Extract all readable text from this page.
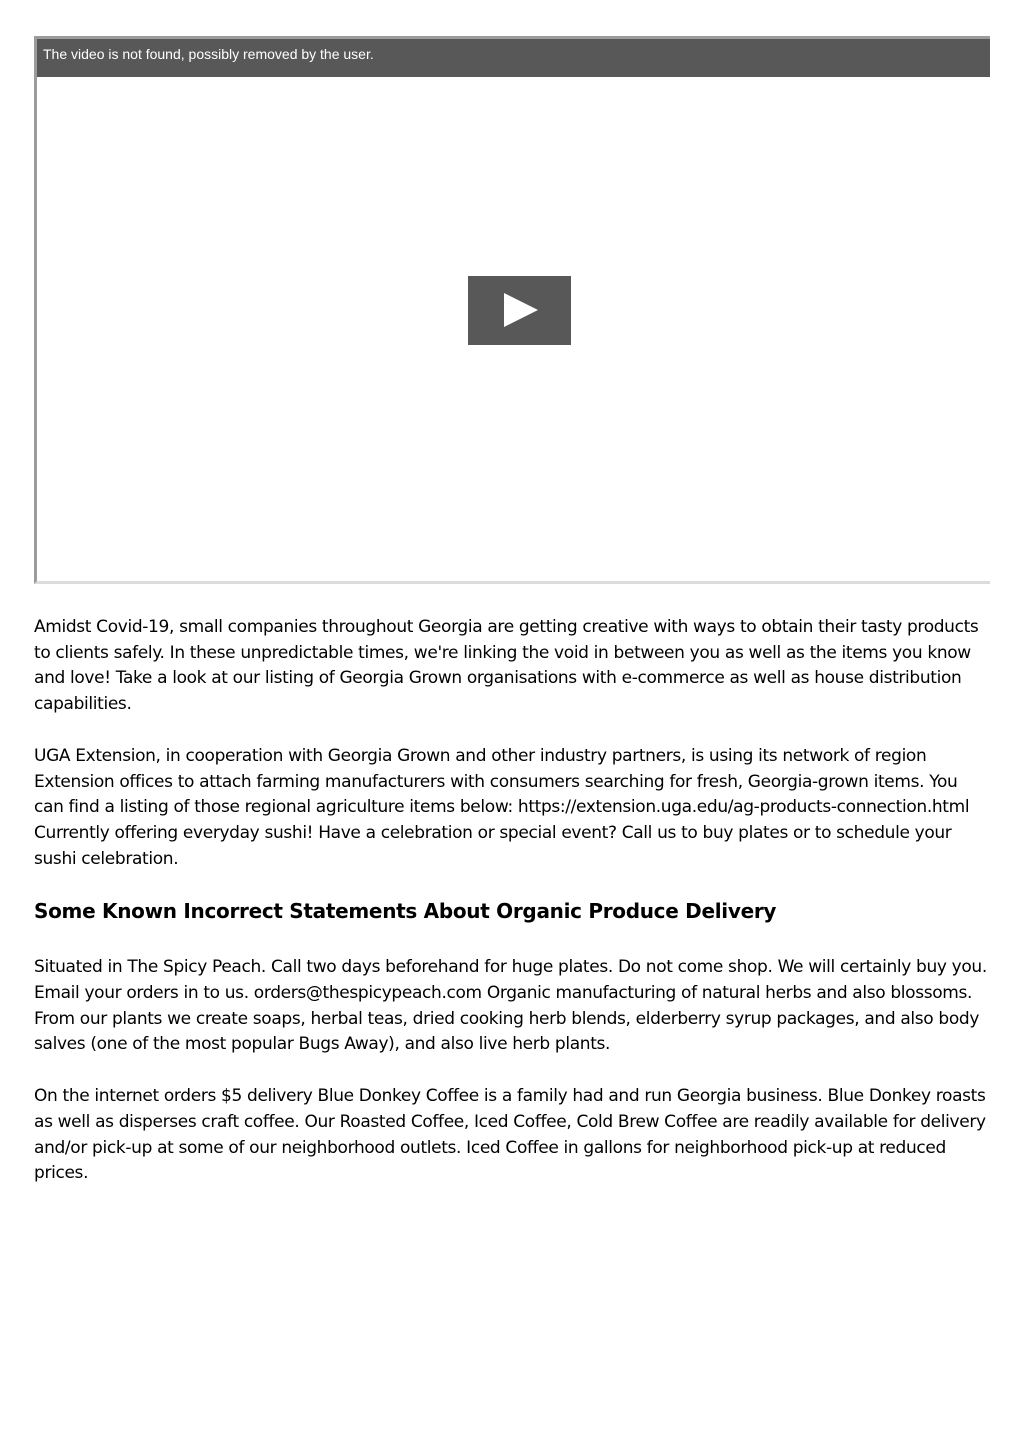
The video is not found, possibly removed by the user.

Amidst Covid-19, small companies throughout Georgia are getting creative with ways to obtain their tasty products to clients safely. In these unpredictable times, we're linking the void in between you as well as the items you know and love! Take a look at our listing of Georgia Grown organisations with e-commerce as well as house distribution capabilities.

UGA Extension, in cooperation with Georgia Grown and other industry partners, is using its network of region Extension offices to attach farming manufacturers with consumers searching for fresh, Georgia-grown items. You can find a listing of those regional agriculture items below: https://extension.uga.edu/ag-products-connection.html Currently offering everyday sushi! Have a celebration or special event? Call us to buy plates or to schedule your sushi celebration.

Some Known Incorrect Statements About Organic Produce Delivery

Situated in The Spicy Peach. Call two days beforehand for huge plates. Do not come shop. We will certainly buy you. Email your orders in to us. orders@thespicypeach.com Organic manufacturing of natural herbs and also blossoms. From our plants we create soaps, herbal teas, dried cooking herb blends, elderberry syrup packages, and also body salves (one of the most popular Bugs Away), and also live herb plants.

On the internet orders $5 delivery Blue Donkey Coffee is a family had and run Georgia business. Blue Donkey roasts as well as disperses craft coffee. Our Roasted Coffee, Iced Coffee, Cold Brew Coffee are readily available for delivery and/or pick-up at some of our neighborhood outlets. Iced Coffee in gallons for neighborhood pick-up at reduced prices.
